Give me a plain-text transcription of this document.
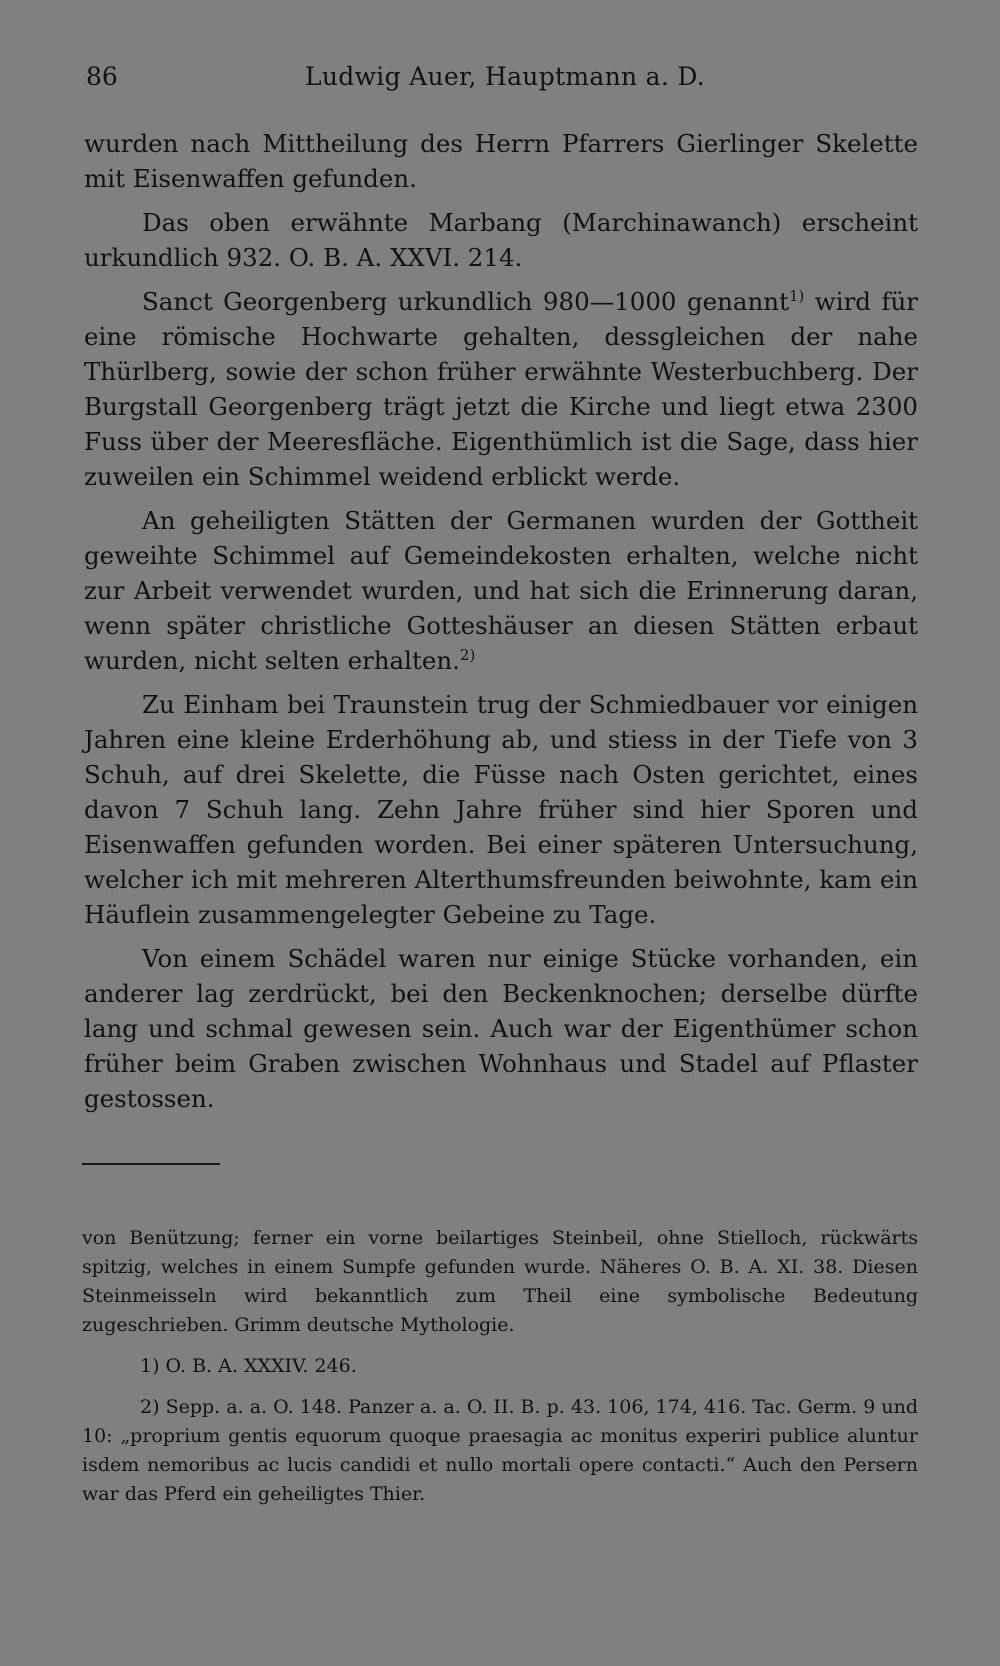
86	Ludwig Auer, Hauptmann a. D.

wurden nach Mittheilung des Herrn Pfarrers Gierlinger Skelette mit Eisenwaffen gefunden.

Das oben erwähnte Marbang (Marchinawanch) erscheint urkundlich 932. O. B. A. XXVI. 214.

Sanct Georgenberg urkundlich 980—1000 genannt$^{1)}$ wird für eine römische Hochwarte gehalten, dessgleichen der nahe Thürlberg, sowie der schon früher erwähnte Westerbuchberg. Der Burgstall Georgenberg trägt jetzt die Kirche und liegt etwa 2300 Fuss über der Meeresfläche. Eigenthümlich ist die Sage, dass hier zuweilen ein Schimmel weidend erblickt werde.

An geheiligten Stätten der Germanen wurden der Gottheit geweihte Schimmel auf Gemeindekosten erhalten, welche nicht zur Arbeit verwendet wurden, und hat sich die Erinnerung daran, wenn später christliche Gotteshäuser an diesen Stätten erbaut wurden, nicht selten erhalten.$^{2)}$

Zu Einham bei Traunstein trug der Schmiedbauer vor einigen Jahren eine kleine Erderhöhung ab, und stiess in der Tiefe von 3 Schuh, auf drei Skelette, die Füsse nach Osten gerichtet, eines davon 7 Schuh lang. Zehn Jahre früher sind hier Sporen und Eisenwaffen gefunden worden. Bei einer späteren Untersuchung, welcher ich mit mehreren Alterthumsfreunden beiwohnte, kam ein Häuflein zusammengelegter Gebeine zu Tage.

Von einem Schädel waren nur einige Stücke vorhanden, ein anderer lag zerdrückt, bei den Beckenknochen; derselbe dürfte lang und schmal gewesen sein. Auch war der Eigenthümer schon früher beim Graben zwischen Wohnhaus und Stadel auf Pflaster gestossen.

von Benützung; ferner ein vorne beilartiges Steinbeil, ohne Stielloch, rückwärts spitzig, welches in einem Sumpfe gefunden wurde. Näheres O. B. A. XI. 38. Diesen Steinmeisseln wird bekanntlich zum Theil eine symbolische Bedeutung zugeschrieben. Grimm deutsche Mythologie.

1) O. B. A. XXXIV. 246.

2) Sepp. a. a. O. 148. Panzer a. a. O. II. B. p. 43. 106, 174, 416. Tac. Germ. 9 und 10: „proprium gentis equorum quoque praesagia ac monitus experiri publice aluntur isdem nemoribus ac lucis candidi et nullo mortali opere contacti.“ Auch den Persern war das Pferd ein geheiligtes Thier.
